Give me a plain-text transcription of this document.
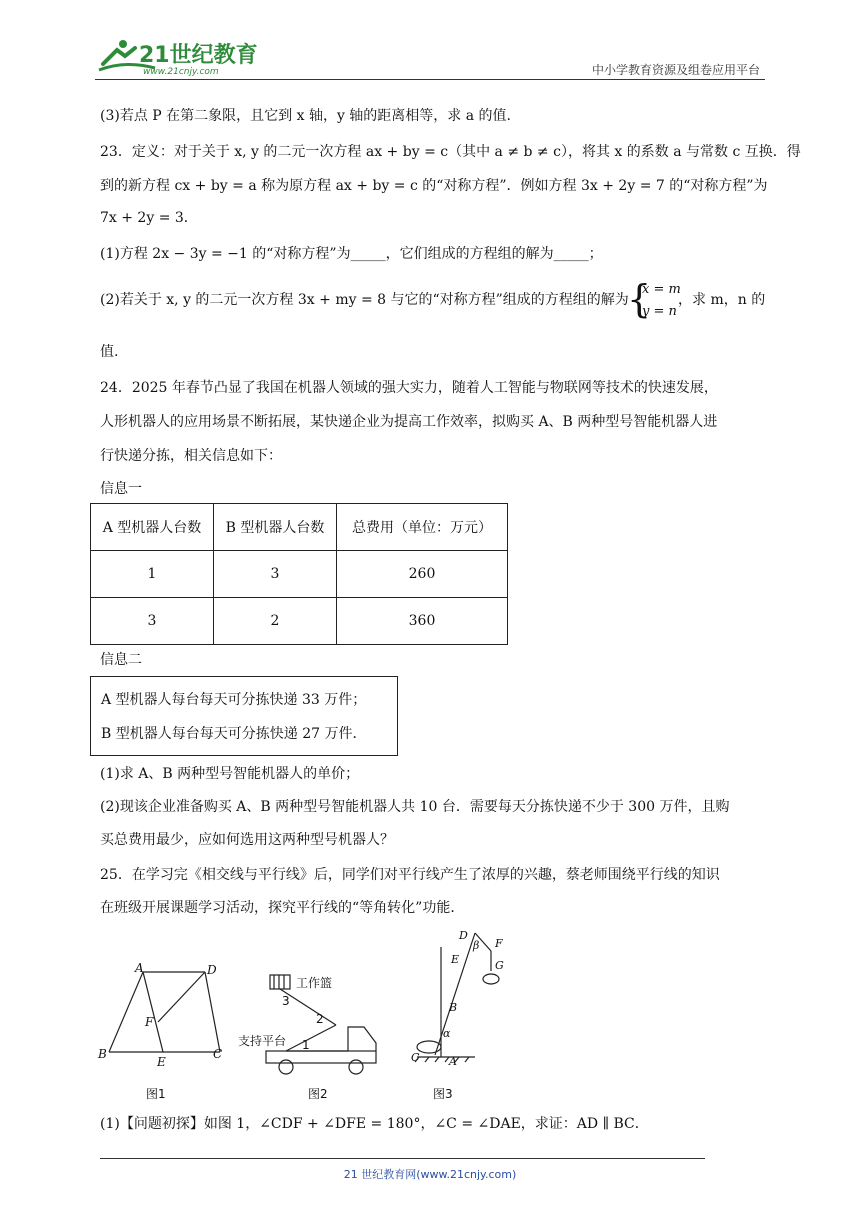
21世纪教育
www.21cnjy.com	中小学教育资源及组卷应用平台
(3)若点 P 在第二象限，且它到 x 轴，y 轴的距离相等，求 a 的值.
23．定义：对于关于 x, y 的二元一次方程 ax + by = c（其中 a ≠ b ≠ c），将其 x 的系数 a 与常数 c 互换．得
到的新方程 cx + by = a 称为原方程 ax + by = c 的“对称方程”．例如方程 3x + 2y = 7 的“对称方程”为
7x + 2y = 3．
(1)方程 2x − 3y = −1 的“对称方程”为_____，它们组成的方程组的解为_____；
(2)若关于 x, y 的二元一次方程 3x + my = 8 与它的“对称方程”组成的方程组的解为
{
x = m
y = n
，求 m，n 的
值.
24．2025 年春节凸显了我国在机器人领域的强大实力，随着人工智能与物联网等技术的快速发展，
人形机器人的应用场景不断拓展，某快递企业为提高工作效率，拟购买 A、B 两种型号智能机器人进
行快递分拣，相关信息如下：
信息一
A 型机器人台数	B 型机器人台数	总费用（单位：万元）
1	3	260
3	2	360
信息二
A 型机器人每台每天可分拣快递 33 万件；
B 型机器人每台每天可分拣快递 27 万件．
(1)求 A、B 两种型号智能机器人的单价；
(2)现该企业准备购买 A、B 两种型号智能机器人共 10 台．需要每天分拣快递不少于 300 万件，且购
买总费用最少，应如何选用这两种型号机器人？
25．在学习完《相交线与平行线》后，同学们对平行线产生了浓厚的兴趣，蔡老师围绕平行线的知识
在班级开展课题学习活动，探究平行线的“等角转化”功能．
A	D
F
B
E
C
图1
工作篮
支持平台
3
2
1
图2
D
F
E	G
B
C	A
α
β
图3
(1)【问题初探】如图 1，∠CDF + ∠DFE = 180°，∠C = ∠DAE，求证：AD ∥ BC．
21 世纪教育网(www.21cnjy.com)
